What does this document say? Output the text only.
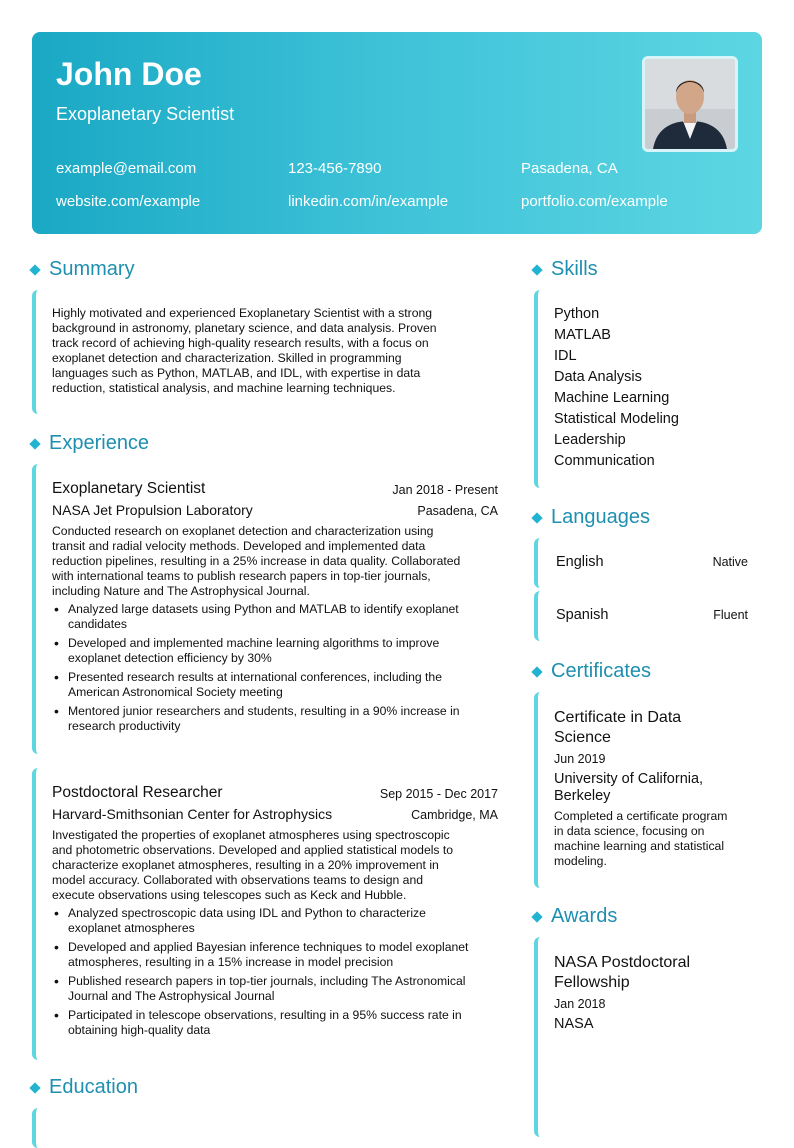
John Doe
Exoplanetary Scientist
example@email.com	123-456-7890	Pasadena, CA
website.com/example	linkedin.com/in/example	portfolio.com/example
Summary
Highly motivated and experienced Exoplanetary Scientist with a strong
background in astronomy, planetary science, and data analysis. Proven
track record of achieving high-quality research results, with a focus on
exoplanet detection and characterization. Skilled in programming
languages such as Python, MATLAB, and IDL, with expertise in data
reduction, statistical analysis, and machine learning techniques.
Experience
Exoplanetary Scientist	Jan 2018 - Present
NASA Jet Propulsion Laboratory	Pasadena, CA
Conducted research on exoplanet detection and characterization using
transit and radial velocity methods. Developed and implemented data
reduction pipelines, resulting in a 25% increase in data quality. Collaborated
with international teams to publish research papers in top-tier journals,
including Nature and The Astrophysical Journal.
• Analyzed large datasets using Python and MATLAB to identify exoplanet
candidates
• Developed and implemented machine learning algorithms to improve
exoplanet detection efficiency by 30%
• Presented research results at international conferences, including the
American Astronomical Society meeting
• Mentored junior researchers and students, resulting in a 90% increase in
research productivity
Postdoctoral Researcher	Sep 2015 - Dec 2017
Harvard-Smithsonian Center for Astrophysics	Cambridge, MA
Investigated the properties of exoplanet atmospheres using spectroscopic
and photometric observations. Developed and applied statistical models to
characterize exoplanet atmospheres, resulting in a 20% improvement in
model accuracy. Collaborated with observations teams to design and
execute observations using telescopes such as Keck and Hubble.
• Analyzed spectroscopic data using IDL and Python to characterize
exoplanet atmospheres
• Developed and applied Bayesian inference techniques to model exoplanet
atmospheres, resulting in a 15% increase in model precision
• Published research papers in top-tier journals, including The Astronomical
Journal and The Astrophysical Journal
• Participated in telescope observations, resulting in a 95% success rate in
obtaining high-quality data
Education
Skills
Python
MATLAB
IDL
Data Analysis
Machine Learning
Statistical Modeling
Leadership
Communication
Languages
English	Native
Spanish	Fluent
Certificates
Certificate in Data
Science
Jun 2019
University of California,
Berkeley
Completed a certificate program
in data science, focusing on
machine learning and statistical
modeling.
Awards
NASA Postdoctoral
Fellowship
Jan 2018
NASA
